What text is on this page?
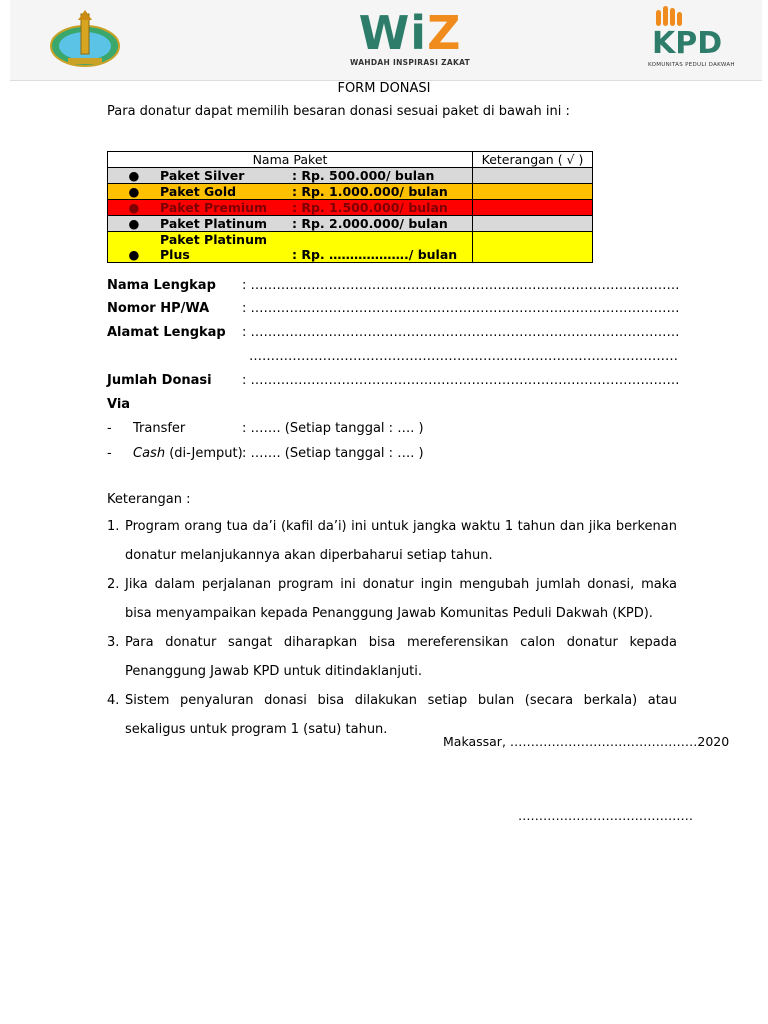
WiZ
WAHDAH INSPIRASI ZAKAT
KPD
KOMUNITAS PEDULI DAKWAH
FORM DONASI
Para donatur dapat memilih besaran donasi sesuai paket di bawah ini :
Nama Paket	Keterangan ( √ )
● Paket Silver : Rp. 500.000/ bulan	
● Paket Gold : Rp. 1.000.000/ bulan	
● Paket Premium : Rp. 1.500.000/ bulan	
● Paket Platinum : Rp. 2.000.000/ bulan	
●Paket Platinum Plus : Rp. ………………./ bulan	
Nama Lengkap : ………………………………………………………………………………………
Nomor HP/WA	: ………………………………………………………………………………………
Alamat Lengkap : ………………………………………………………………………………………
………………………………………………………………………………………
Jumlah Donasi : ………………………………………………………………………………………
Via
- Transfer	: ……. (Setiap tanggal : …. )
- Cash (di-Jemput) : ……. (Setiap tanggal : …. )
Keterangan :
1. Program orang tua da’i (kafil da’i) ini untuk jangka waktu 1 tahun dan jika berkenan donatur melanjukannya akan diperbaharui setiap tahun.
2. Jika dalam perjalanan program ini donatur ingin mengubah jumlah donasi, maka bisa menyampaikan kepada Penanggung Jawab Komunitas Peduli Dakwah (KPD).
3. Para donatur sangat diharapkan bisa mereferensikan calon donatur kepada Penanggung Jawab KPD untuk ditindaklanjuti.
4. Sistem penyaluran donasi bisa dilakukan setiap bulan (secara berkala) atau sekaligus untuk program 1 (satu) tahun.
Makassar, ………………………………………2020
……………………………………
